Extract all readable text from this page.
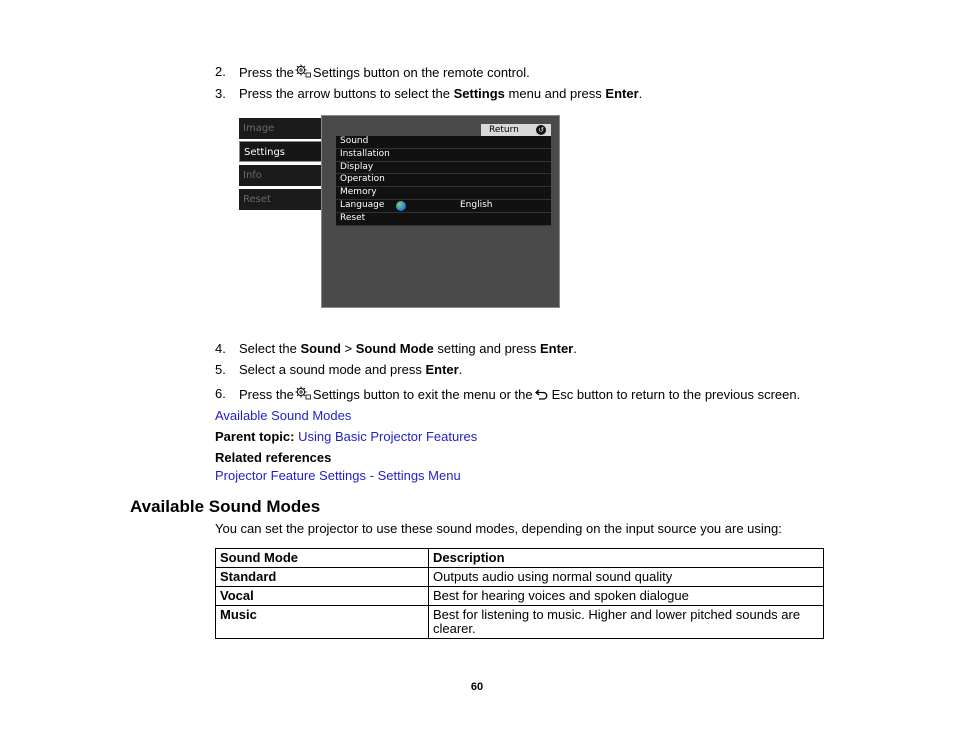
2. Press the Settings button on the remote control.
3. Press the arrow buttons to select the Settings menu and press Enter.
Image
Settings
Info
Reset
Return	↺
Sound
Installation
Display
Operation
Memory
Language	English
Reset
4. Select the Sound > Sound Mode setting and press Enter.
5. Select a sound mode and press Enter.
6. Press the Settings button to exit the menu or the Esc button to return to the previous screen.
Available Sound Modes
Parent topic: Using Basic Projector Features
Related references
Projector Feature Settings - Settings Menu
Available Sound Modes
You can set the projector to use these sound modes, depending on the input source you are using:
Sound Mode	Description
Standard	Outputs audio using normal sound quality
Vocal	Best for hearing voices and spoken dialogue
Music	Best for listening to music. Higher and lower pitched sounds are clearer.
60
